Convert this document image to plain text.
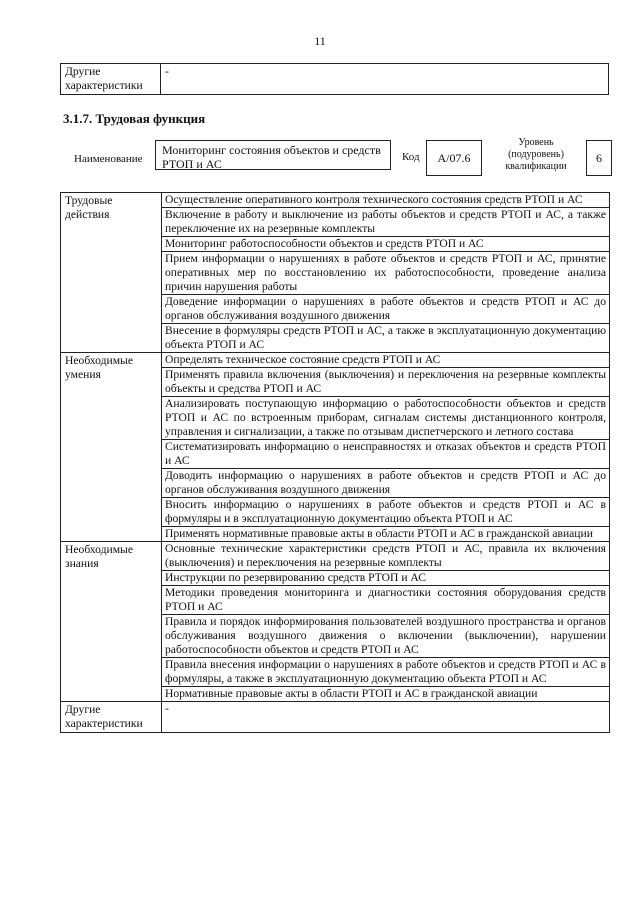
11
Другие характеристики	-
3.1.7. Трудовая функция
Наименование
Мониторинг состояния объектов и средств РТОП и АС	Код	А/07.6
Уровень (подуровень) квалификации
6
Трудовые действия	Осуществление оперативного контроля технического состояния средств РТОП и АС
	Включение в работу и выключение из работы объектов и средств РТОП и АС, а также переключение их на резервные комплекты
	Мониторинг работоспособности объектов и средств РТОП и АС
	Прием информации о нарушениях в работе объектов и средств РТОП и АС, принятие оперативных мер по восстановлению их работоспособности, проведение анализа причин нарушения работы
	Доведение информации о нарушениях в работе объектов и средств РТОП и АС до органов обслуживания воздушного движения
	Внесение в формуляры средств РТОП и АС, а также в эксплуатационную документацию объекта РТОП и АС
Необходимые умения	Определять техническое состояние средств РТОП и АС
	Применять правила включения (выключения) и переключения на резервные комплекты объекты и средства РТОП и АС
	Анализировать поступающую информацию о работоспособности объектов и средств РТОП и АС по встроенным приборам, сигналам системы дистанционного контроля, управления и сигнализации, а также по отзывам диспетчерского и летного состава
	Систематизировать информацию о неисправностях и отказах объектов и средств РТОП и АС
	Доводить информацию о нарушениях в работе объектов и средств РТОП и АС до органов обслуживания воздушного движения
	Вносить информацию о нарушениях в работе объектов и средств РТОП и АС в формуляры и в эксплуатационную документацию объекта РТОП и АС
	Применять нормативные правовые акты в области РТОП и АС в гражданской авиации
Необходимые знания	Основные технические характеристики средств РТОП и АС, правила их включения (выключения) и переключения на резервные комплекты
	Инструкции по резервированию средств РТОП и АС
	Методики проведения мониторинга и диагностики состояния оборудования средств РТОП и АС
	Правила и порядок информирования пользователей воздушного пространства и органов обслуживания воздушного движения о включении (выключении), нарушении работоспособности объектов и средств РТОП и АС
	Правила внесения информации о нарушениях в работе объектов и средств РТОП и АС в формуляры, а также в эксплуатационную документацию объекта РТОП и АС
	Нормативные правовые акты в области РТОП и АС в гражданской авиации
Другие характеристики	-
